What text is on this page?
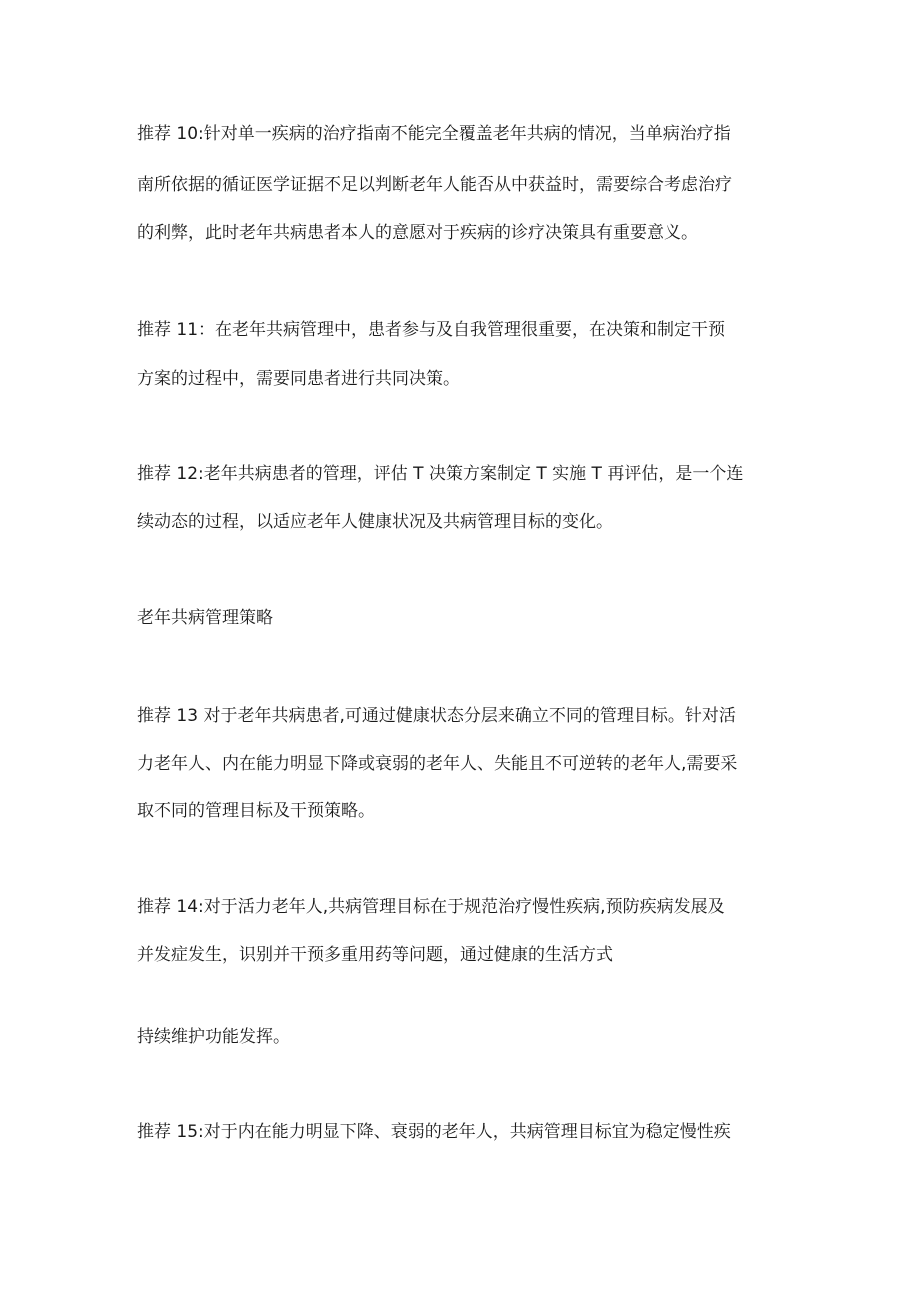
推荐 10:针对单一疾病的治疗指南不能完全覆盖老年共病的情况，当单病治疗指
南所依据的循证医学证据不足以判断老年人能否从中获益时，需要综合考虑治疗
的利弊，此时老年共病患者本人的意愿对于疾病的诊疗决策具有重要意义。
推荐 11：在老年共病管理中，患者参与及自我管理很重要，在决策和制定干预
方案的过程中，需要同患者进行共同决策。
推荐 12:老年共病患者的管理，评估 T 决策方案制定 T 实施 T 再评估，是一个连
续动态的过程，以适应老年人健康状况及共病管理目标的变化。
老年共病管理策略
推荐 13 对于老年共病患者,可通过健康状态分层来确立不同的管理目标。针对活
力老年人、内在能力明显下降或衰弱的老年人、失能且不可逆转的老年人,需要采
取不同的管理目标及干预策略。
推荐 14:对于活力老年人,共病管理目标在于规范治疗慢性疾病,预防疾病发展及
并发症发生，识别并干预多重用药等问题，通过健康的生活方式
持续维护功能发挥。
推荐 15:对于内在能力明显下降、衰弱的老年人，共病管理目标宜为稳定慢性疾
